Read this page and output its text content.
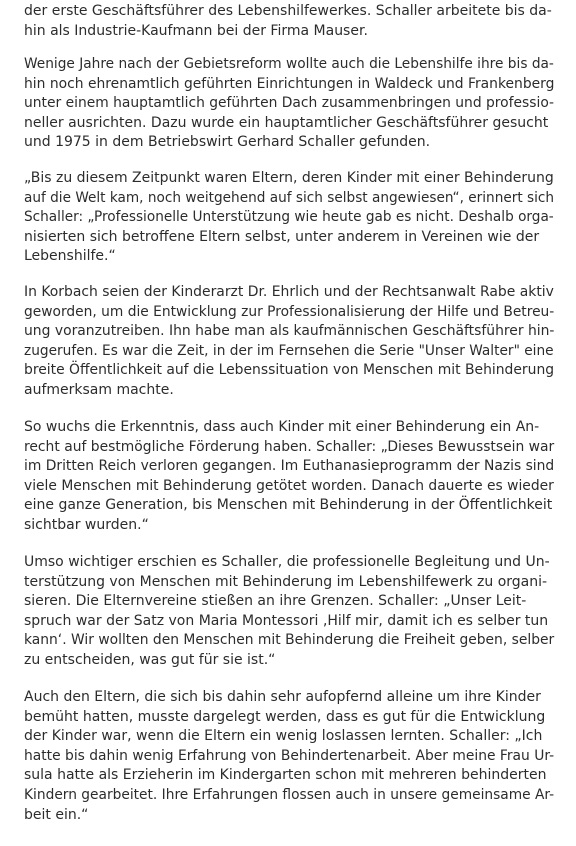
der erste Geschäftsführer des Lebenshilfewerkes. Schaller arbeitete bis da-
hin als Industrie-Kaufmann bei der Firma Mauser.

Wenige Jahre nach der Gebietsreform wollte auch die Lebenshilfe ihre bis da-
hin noch ehrenamtlich geführten Einrichtungen in Waldeck und Frankenberg
unter einem hauptamtlich geführten Dach zusammenbringen und professio-
neller ausrichten. Dazu wurde ein hauptamtlicher Geschäftsführer gesucht
und 1975 in dem Betriebswirt Gerhard Schaller gefunden.

„Bis zu diesem Zeitpunkt waren Eltern, deren Kinder mit einer Behinderung
auf die Welt kam, noch weitgehend auf sich selbst angewiesen“, erinnert sich
Schaller: „Professionelle Unterstützung wie heute gab es nicht. Deshalb orga-
nisierten sich betroffene Eltern selbst, unter anderem in Vereinen wie der
Lebenshilfe.“

In Korbach seien der Kinderarzt Dr. Ehrlich und der Rechtsanwalt Rabe aktiv
geworden, um die Entwicklung zur Professionalisierung der Hilfe und Betreu-
ung voranzutreiben. Ihn habe man als kaufmännischen Geschäftsführer hin-
zugerufen. Es war die Zeit, in der im Fernsehen die Serie "Unser Walter" eine
breite Öffentlichkeit auf die Lebenssituation von Menschen mit Behinderung
aufmerksam machte.

So wuchs die Erkenntnis, dass auch Kinder mit einer Behinderung ein An-
recht auf bestmögliche Förderung haben. Schaller: „Dieses Bewusstsein war
im Dritten Reich verloren gegangen. Im Euthanasieprogramm der Nazis sind
viele Menschen mit Behinderung getötet worden. Danach dauerte es wieder
eine ganze Generation, bis Menschen mit Behinderung in der Öffentlichkeit
sichtbar wurden.“

Umso wichtiger erschien es Schaller, die professionelle Begleitung und Un-
terstützung von Menschen mit Behinderung im Lebenshilfewerk zu organi-
sieren. Die Elternvereine stießen an ihre Grenzen. Schaller: „Unser Leit-
spruch war der Satz von Maria Montessori ‚Hilf mir, damit ich es selber tun
kann‘. Wir wollten den Menschen mit Behinderung die Freiheit geben, selber
zu entscheiden, was gut für sie ist.“

Auch den Eltern, die sich bis dahin sehr aufopfernd alleine um ihre Kinder
bemüht hatten, musste dargelegt werden, dass es gut für die Entwicklung
der Kinder war, wenn die Eltern ein wenig loslassen lernten. Schaller: „Ich
hatte bis dahin wenig Erfahrung von Behindertenarbeit. Aber meine Frau Ur-
sula hatte als Erzieherin im Kindergarten schon mit mehreren behinderten
Kindern gearbeitet. Ihre Erfahrungen flossen auch in unsere gemeinsame Ar-
beit ein.“
